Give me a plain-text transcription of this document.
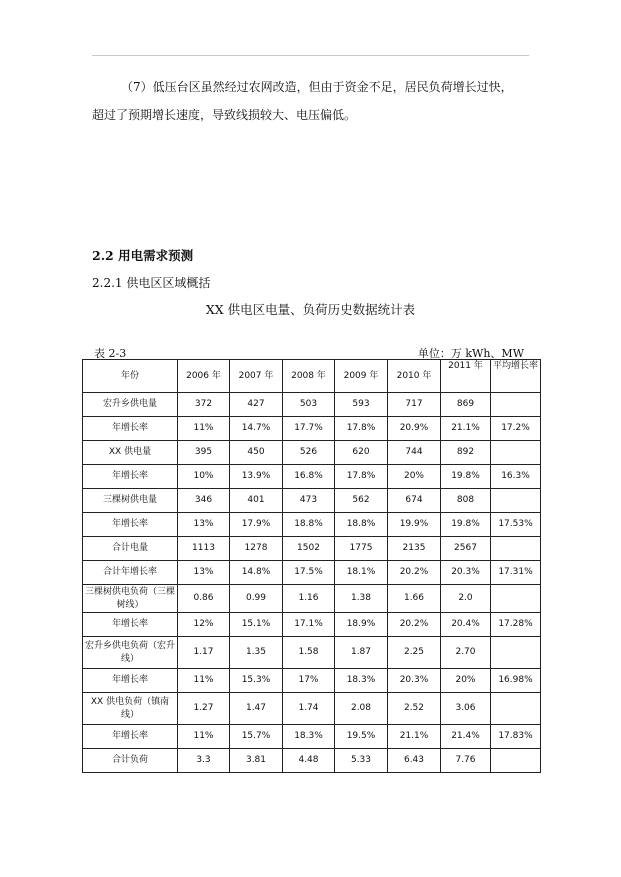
（7）低压台区虽然经过农网改造，但由于资金不足，居民负荷增长过快，
超过了预期增长速度，导致线损较大、电压偏低。
2.2 用电需求预测
2.2.1 供电区区域概括
XX 供电区电量、负荷历史数据统计表
表 2-3	单位：万 kWh、MW
年份	2006 年	2007 年	2008 年	2009 年	2010 年	2011 年	平均增长率
宏升乡供电量	372	427	503	593	717	869	
年增长率	11%	14.7%	17.7%	17.8%	20.9%	21.1%	17.2%
XX 供电量	395	450	526	620	744	892	
年增长率	10%	13.9%	16.8%	17.8%	20%	19.8%	16.3%
三棵树供电量	346	401	473	562	674	808	
年增长率	13%	17.9%	18.8%	18.8%	19.9%	19.8%	17.53%
合计电量	1113	1278	1502	1775	2135	2567	
合计年增长率	13%	14.8%	17.5%	18.1%	20.2%	20.3%	17.31%
三棵树供电负荷（三棵树线）	0.86	0.99	1.16	1.38	1.66	2.0	
年增长率	12%	15.1%	17.1%	18.9%	20.2%	20.4%	17.28%
宏升乡供电负荷（宏升线）	1.17	1.35	1.58	1.87	2.25	2.70	
年增长率	11%	15.3%	17%	18.3%	20.3%	20%	16.98%
XX 供电负荷（镇南线）	1.27	1.47	1.74	2.08	2.52	3.06	
年增长率	11%	15.7%	18.3%	19.5%	21.1%	21.4%	17.83%
合计负荷	3.3	3.81	4.48	5.33	6.43	7.76	
